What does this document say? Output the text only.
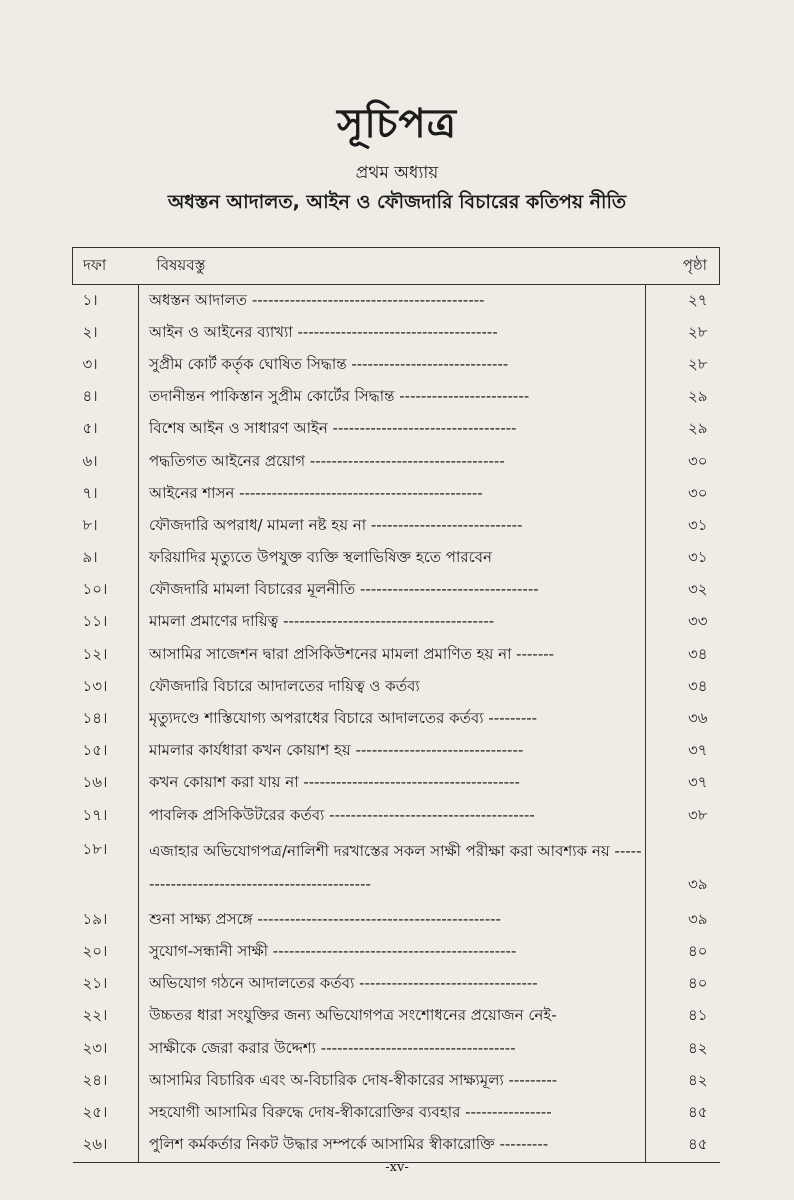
সূচিপত্র
প্রথম অধ্যায়
অধস্তন আদালত, আইন ও ফৌজদারি বিচারের কতিপয় নীতি
দফা	বিষয়বস্তু	পৃষ্ঠা
১।	অধস্তন আদালত -------------------------------------------	২৭
২।	আইন ও আইনের ব্যাখ্যা -------------------------------------	২৮
৩।	সুপ্রীম কোর্ট কর্তৃক ঘোষিত সিদ্ধান্ত -----------------------------	২৮
৪।	তদানীন্তন পাকিস্তান সুপ্রীম কোর্টের সিদ্ধান্ত ------------------------	২৯
৫।	বিশেষ আইন ও সাধারণ আইন ----------------------------------	২৯
৬।	পদ্ধতিগত আইনের প্রয়োগ ------------------------------------	৩০
৭।	আইনের শাসন ---------------------------------------------	৩০
৮।	ফৌজদারি অপরাধ/ মামলা নষ্ট হয় না ----------------------------	৩১
৯।	ফরিয়াদির মৃত্যুতে উপযুক্ত ব্যক্তি স্থলাভিষিক্ত হতে পারবেন	৩১
১০।	ফৌজদারি মামলা বিচারের মূলনীতি ---------------------------------	৩২
১১।	মামলা প্রমাণের দায়িত্ব ---------------------------------------	৩৩
১২।	আসামির সাজেশন দ্বারা প্রসিকিউশনের মামলা প্রমাণিত হয় না -------	৩৪
১৩।	ফৌজদারি বিচারে আদালতের দায়িত্ব ও কর্তব্য	৩৪
১৪।	মৃত্যুদণ্ডে শাস্তিযোগ্য অপরাধের বিচারে আদালতের কর্তব্য ---------	৩৬
১৫।	মামলার কার্যধারা কখন কোয়াশ হয় -------------------------------	৩৭
১৬।	কখন কোয়াশ করা যায় না ----------------------------------------	৩৭
১৭।	পাবলিক প্রসিকিউটরের কর্তব্য --------------------------------------	৩৮
১৮।	এজাহার অভিযোগপত্র/নালিশী দরখাস্তের সকল সাক্ষী পরীক্ষা করা আবশ্যক নয় ----------------------------------------------	৩৯
১৯।	শুনা সাক্ষ্য প্রসঙ্গে ---------------------------------------------	৩৯
২০।	সুযোগ-সন্ধানী সাক্ষী ---------------------------------------------	৪০
২১।	অভিযোগ গঠনে আদালতের কর্তব্য ---------------------------------	৪০
২২।	উচ্চতর ধারা সংযুক্তির জন্য অভিযোগপত্র সংশোধনের প্রয়োজন নেই-	৪১
২৩।	সাক্ষীকে জেরা করার উদ্দেশ্য ------------------------------------	৪২
২৪।	আসামির বিচারিক এবং অ-বিচারিক দোষ-স্বীকারের সাক্ষ্যমূল্য ---------	৪২
২৫।	সহযোগী আসামির বিরুদ্ধে দোষ-স্বীকারোক্তির ব্যবহার ----------------	৪৫
২৬।	পুলিশ কর্মকর্তার নিকট উদ্ধার সম্পর্কে আসামির স্বীকারোক্তি ---------	৪৫
-xv-
